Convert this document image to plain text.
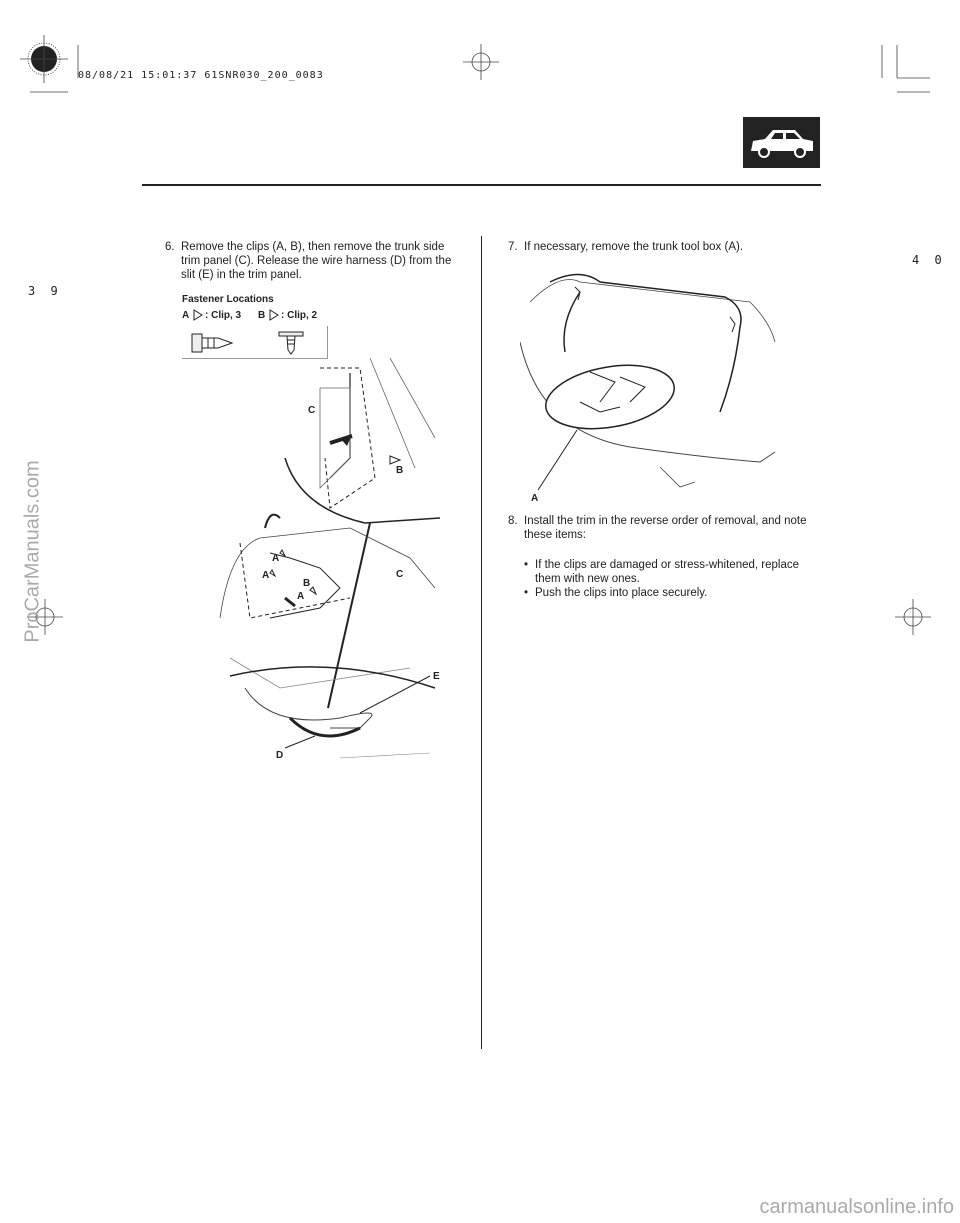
08/08/21 15:01:37 61SNR030_200_0083
3 9
4 0
6. Remove the clips (A, B), then remove the trunk side trim panel (C). Release the wire harness (D) from the slit (E) in the trim panel.
Fastener Locations
A : Clip, 3 B : Clip, 2
C
B
A
A
B
A
C
E
D
7. If necessary, remove the trunk tool box (A).
A
8. Install the trim in the reverse order of removal, and note these items:
• If the clips are damaged or stress-whitened, replace them with new ones.
• Push the clips into place securely.
ProCarManuals.com
carmanualsonline.info
